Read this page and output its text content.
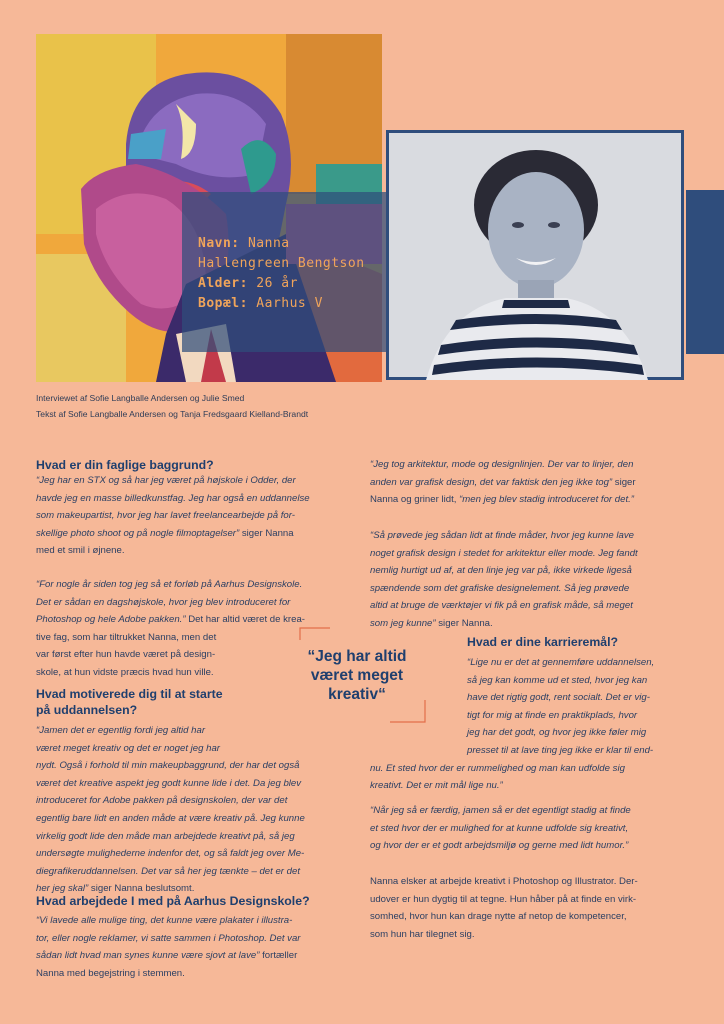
Navn: Nanna
Hallengreen Bengtson
Alder: 26 år
Bopæl: Aarhus V
Interviewet af Sofie Langballe Andersen og Julie Smed
Tekst af Sofie Langballe Andersen og Tanja Fredsgaard Kielland-Brandt
Hvad er din faglige baggrund?
“Jeg har en STX og så har jeg været på højskole i Odder, der
havde jeg en masse billedkunstfag. Jeg har også en uddannelse
som makeupartist, hvor jeg har lavet freelancearbejde på for-
skellige photo shoot og på nogle filmoptagelser” siger Nanna
med et smil i øjnene.
“For nogle år siden tog jeg så et forløb på Aarhus Designskole.
Det er sådan en dagshøjskole, hvor jeg blev introduceret for
Photoshop og hele Adobe pakken.” Det har altid været de krea-
tive fag, som har tiltrukket Nanna, men det
var først efter hun havde været på design-
skole, at hun vidste præcis hvad hun ville.
Hvad motiverede dig til at starte
på uddannelsen?
“Jamen det er egentlig fordi jeg altid har
været meget kreativ og det er noget jeg har
nydt. Også i forhold til min makeupbaggrund, der har det også
været det kreative aspekt jeg godt kunne lide i det. Da jeg blev
introduceret for Adobe pakken på designskolen, der var det
egentlig bare lidt en anden måde at være kreativ på. Jeg kunne
virkelig godt lide den måde man arbejdede kreativt på, så jeg
undersøgte mulighederne indenfor det, og så faldt jeg over Me-
diegrafikeruddannelsen. Det var så her jeg tænkte – det er det
her jeg skal” siger Nanna beslutsomt.
Hvad arbejdede I med på Aarhus Designskole?
“Vi lavede alle mulige ting, det kunne være plakater i illustra-
tor, eller nogle reklamer, vi satte sammen i Photoshop. Det var
sådan lidt hvad man synes kunne være sjovt at lave” fortæller
Nanna med begejstring i stemmen.
“Jeg har altid
været meget
kreativ“
“Jeg tog arkitektur, mode og designlinjen. Der var to linjer, den
anden var grafisk design, det var faktisk den jeg ikke tog” siger
Nanna og griner lidt, “men jeg blev stadig introduceret for det.”
“Så prøvede jeg sådan lidt at finde måder, hvor jeg kunne lave
noget grafisk design i stedet for arkitektur eller mode. Jeg fandt
nemlig hurtigt ud af, at den linje jeg var på, ikke virkede ligeså
spændende som det grafiske designelement. Så jeg prøvede
altid at bruge de værktøjer vi fik på en grafisk måde, så meget
som jeg kunne” siger Nanna.
Hvad er dine karrieremål?
“Lige nu er det at gennemføre uddannelsen,
så jeg kan komme ud et sted, hvor jeg kan
have det rigtig godt, rent socialt. Det er vig-
tigt for mig at finde en praktikplads, hvor
jeg har det godt, og hvor jeg ikke føler mig
presset til at lave ting jeg ikke er klar til end-
nu. Et sted hvor der er rummelighed og man kan udfolde sig
kreativt. Det er mit mål lige nu.”
“Når jeg så er færdig, jamen så er det egentligt stadig at finde
et sted hvor der er mulighed for at kunne udfolde sig kreativt,
og hvor der er et godt arbejdsmiljø og gerne med lidt humor.”
Nanna elsker at arbejde kreativt i Photoshop og Illustrator. Der-
udover er hun dygtig til at tegne. Hun håber på at finde en virk-
somhed, hvor hun kan drage nytte af netop de kompetencer,
som hun har tilegnet sig.
